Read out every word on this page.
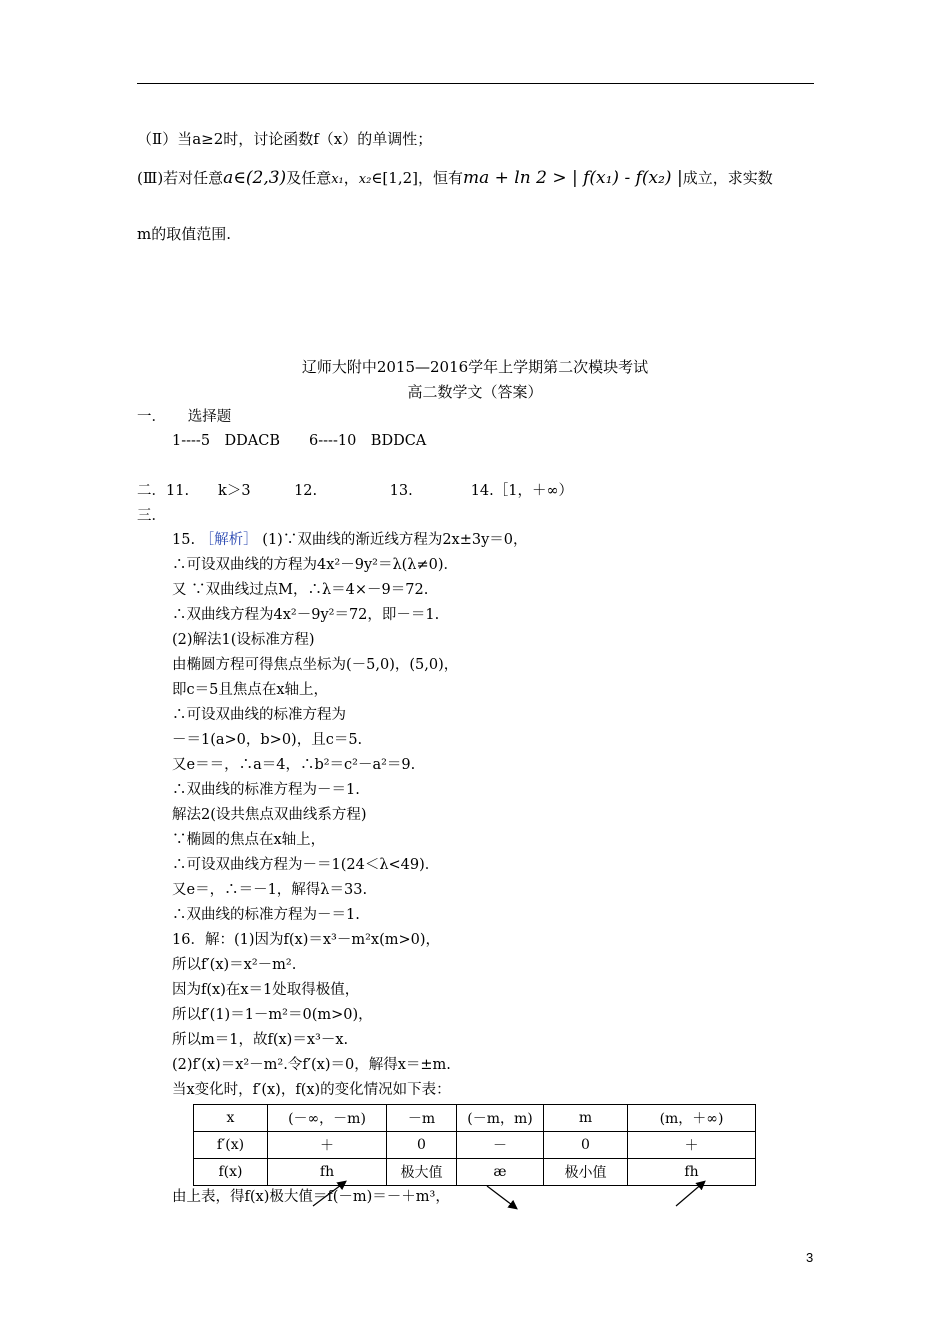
（Ⅱ）当a≥2时，讨论函数f（x）的单调性；
(Ⅲ)若对任意a∈(2,3)及任意x₁，x₂∈[1,2]，恒有ma + ln 2 > | f(x₁) - f(x₂) |成立，求实数
m的取值范围.
辽师大附中2015—2016学年上学期第二次模块考试
高二数学文（答案）
一．　　选择题
1----5　DDACB　　6----10　BDDCA
二．11.　　k＞3　　　12.　　　　　13.　　　　14.［1，＋∞）
三．
15. ［解析］ (1)∵双曲线的渐近线方程为2x±3y＝0，
∴可设双曲线的方程为4x²－9y²＝λ(λ≠0)．
又 ∵双曲线过点M，∴λ＝4×－9＝72.
∴双曲线方程为4x²－9y²＝72，即－＝1.
(2)解法1(设标准方程)
由椭圆方程可得焦点坐标为(－5,0)，(5,0)，
即c＝5且焦点在x轴上，
∴可设双曲线的标准方程为
－＝1(a>0，b>0)，且c＝5.
又e＝＝，∴a＝4，∴b²＝c²－a²＝9.
∴双曲线的标准方程为－＝1.
解法2(设共焦点双曲线系方程)
∵椭圆的焦点在x轴上，
∴可设双曲线方程为－＝1(24＜λ<49)．
又e＝，∴＝－1，解得λ＝33.
∴双曲线的标准方程为－＝1.
16．解：(1)因为f(x)＝x³－m²x(m>0)，
所以f′(x)＝x²－m².
因为f(x)在x＝1处取得极值，
所以f′(1)＝1－m²＝0(m>0)，
所以m＝1，故f(x)＝x³－x.
(2)f′(x)＝x²－m².令f′(x)＝0，解得x＝±m.
当x变化时，f′(x)，f(x)的变化情况如下表：
x	(－∞，－m)	－m	(－m，m)	m	(m，＋∞)
f′(x)	＋	0	－	0	＋
f(x)	fh	极大值	æ	极小值	fh
由上表，得f(x)极大值＝f(－m)＝－＋m³，
3
